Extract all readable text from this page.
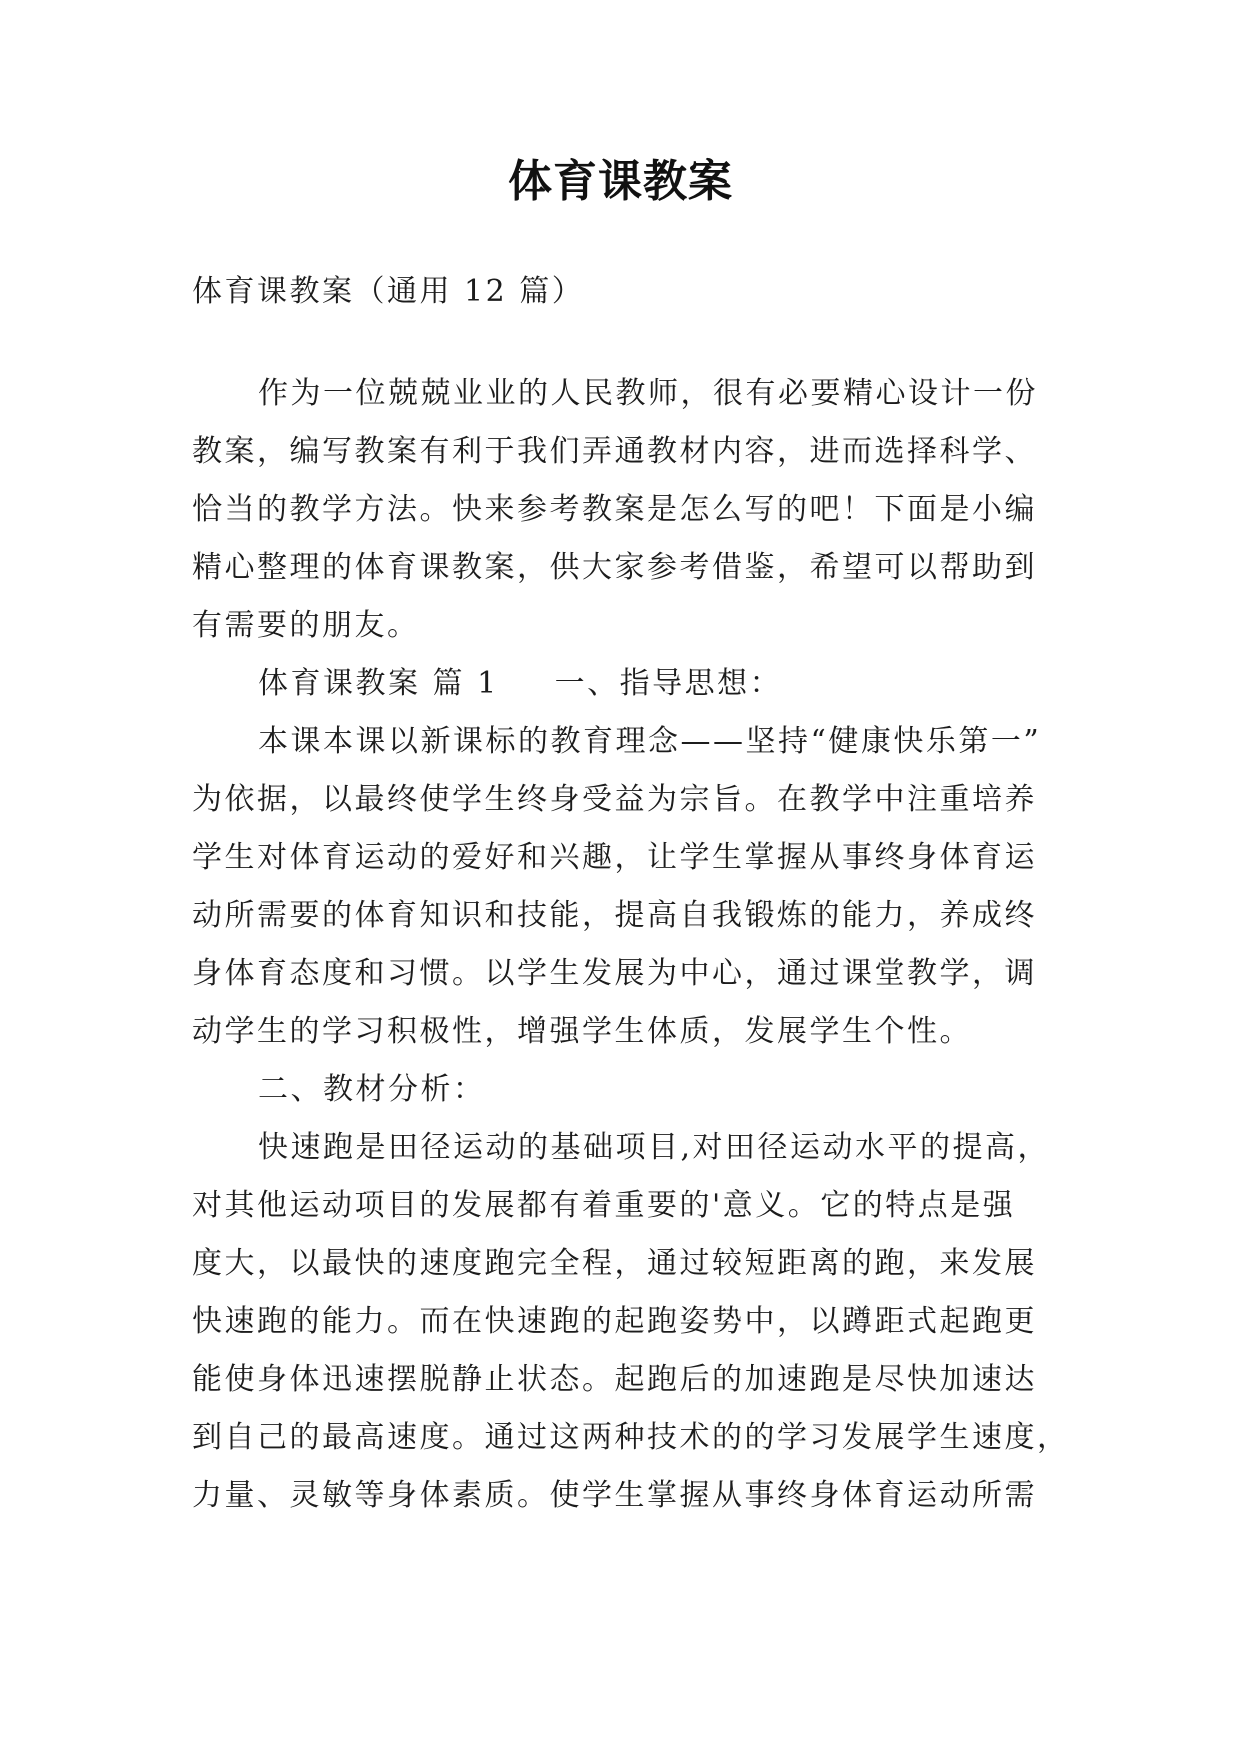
体育课教案
体育课教案（通用 12 篇）
作为一位兢兢业业的人民教师，很有必要精心设计一份
教案，编写教案有利于我们弄通教材内容，进而选择科学、
恰当的教学方法。快来参考教案是怎么写的吧！下面是小编
精心整理的体育课教案，供大家参考借鉴，希望可以帮助到
有需要的朋友。
体育课教案 篇 1 一、指导思想：
本课本课以新课标的教育理念——坚持“健康快乐第一”
为依据，以最终使学生终身受益为宗旨。在教学中注重培养
学生对体育运动的爱好和兴趣，让学生掌握从事终身体育运
动所需要的体育知识和技能，提高自我锻炼的能力，养成终
身体育态度和习惯。以学生发展为中心，通过课堂教学，调
动学生的学习积极性，增强学生体质，发展学生个性。
二、教材分析：
快速跑是田径运动的基础项目,对田径运动水平的提高，
对其他运动项目的发展都有着重要的'意义。它的特点是强
度大，以最快的速度跑完全程，通过较短距离的跑，来发展
快速跑的能力。而在快速跑的起跑姿势中，以蹲距式起跑更
能使身体迅速摆脱静止状态。起跑后的加速跑是尽快加速达
到自己的最高速度。通过这两种技术的的学习发展学生速度，
力量、灵敏等身体素质。使学生掌握从事终身体育运动所需
